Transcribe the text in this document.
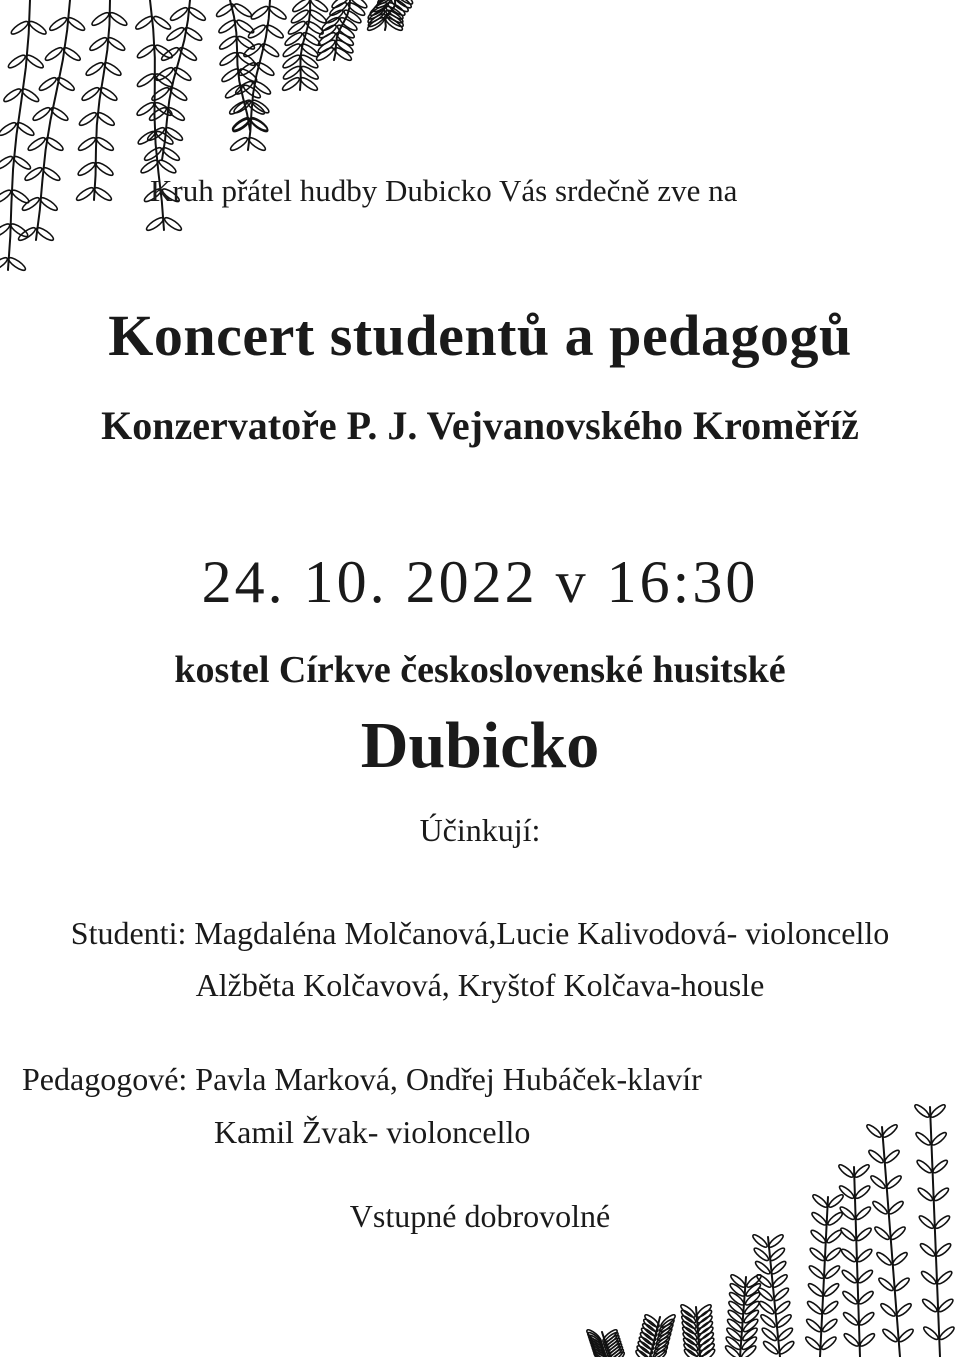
Kruh přátel hudby Dubicko Vás srdečně zve na
Koncert studentů a pedagogů
Konzervatoře P. J. Vejvanovského Kroměříž
24. 10. 2022 v 16:30
kostel Církve československé husitské
Dubicko
Účinkují:
Studenti: Magdaléna Molčanová,Lucie Kalivodová- violoncello
Alžběta Kolčavová, Kryštof Kolčava-housle
Pedagogové: Pavla Marková, Ondřej Hubáček-klavír
Kamil Žvak- violoncello
Vstupné dobrovolné
